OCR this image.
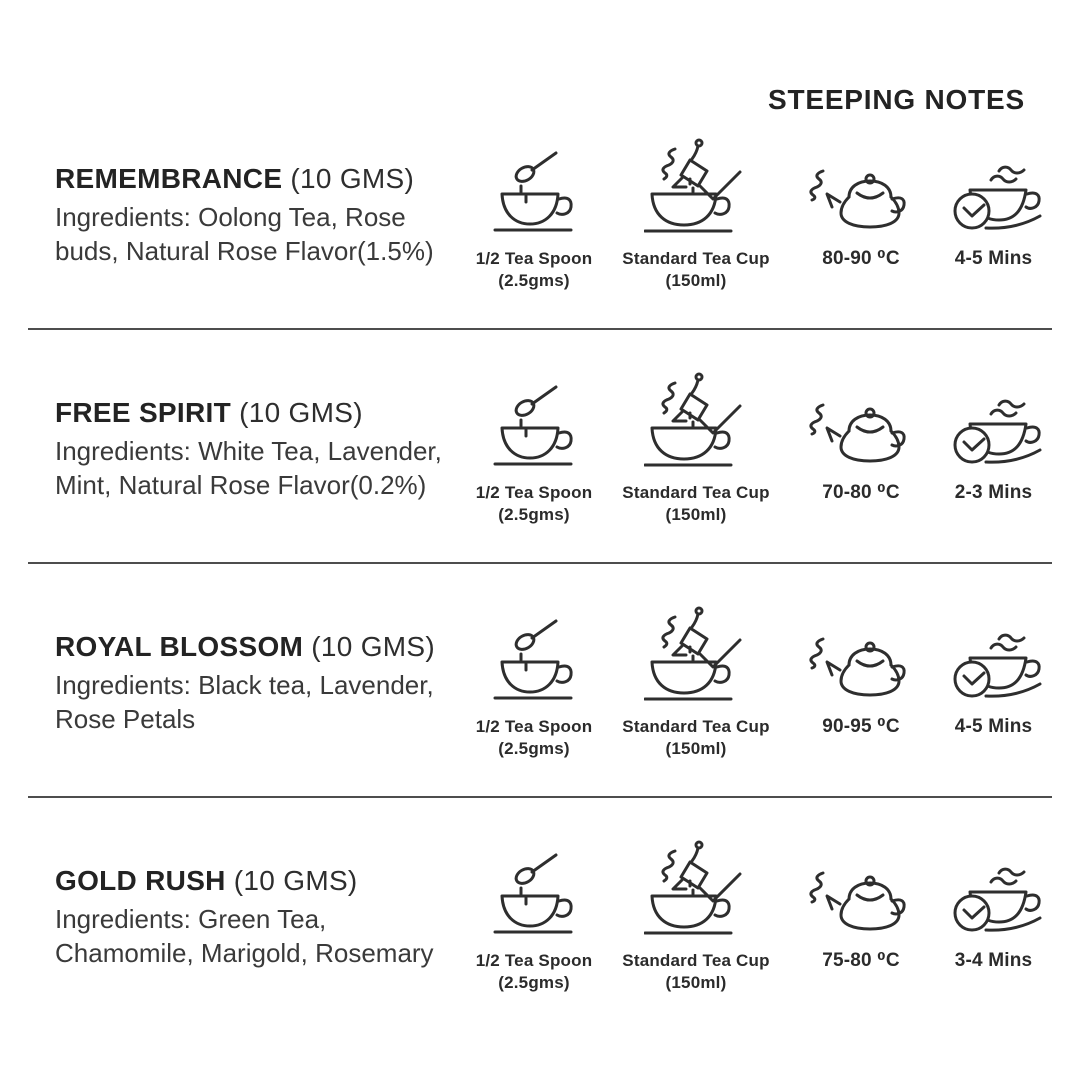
STEEPING NOTES
REMEMBRANCE (10 GMS)
Ingredients: Oolong Tea, Rose
buds, Natural Rose Flavor(1.5%)	1/2 Tea Spoon
(2.5gms)
Standard Tea Cup
(150ml)
80-90 ⁰C	4-5 Mins
FREE SPIRIT (10 GMS)
Ingredients: White Tea, Lavender,
Mint, Natural Rose Flavor(0.2%)	1/2 Tea Spoon
(2.5gms)
Standard Tea Cup
(150ml)
70-80 ⁰C	2-3 Mins
ROYAL BLOSSOM (10 GMS)
Ingredients: Black tea, Lavender,
Rose Petals	1/2 Tea Spoon
(2.5gms)
Standard Tea Cup
(150ml)
90-95 ⁰C	4-5 Mins
GOLD RUSH (10 GMS)
Ingredients: Green Tea,
Chamomile, Marigold, Rosemary	1/2 Tea Spoon
(2.5gms)
Standard Tea Cup
(150ml)
75-80 ⁰C	3-4 Mins
